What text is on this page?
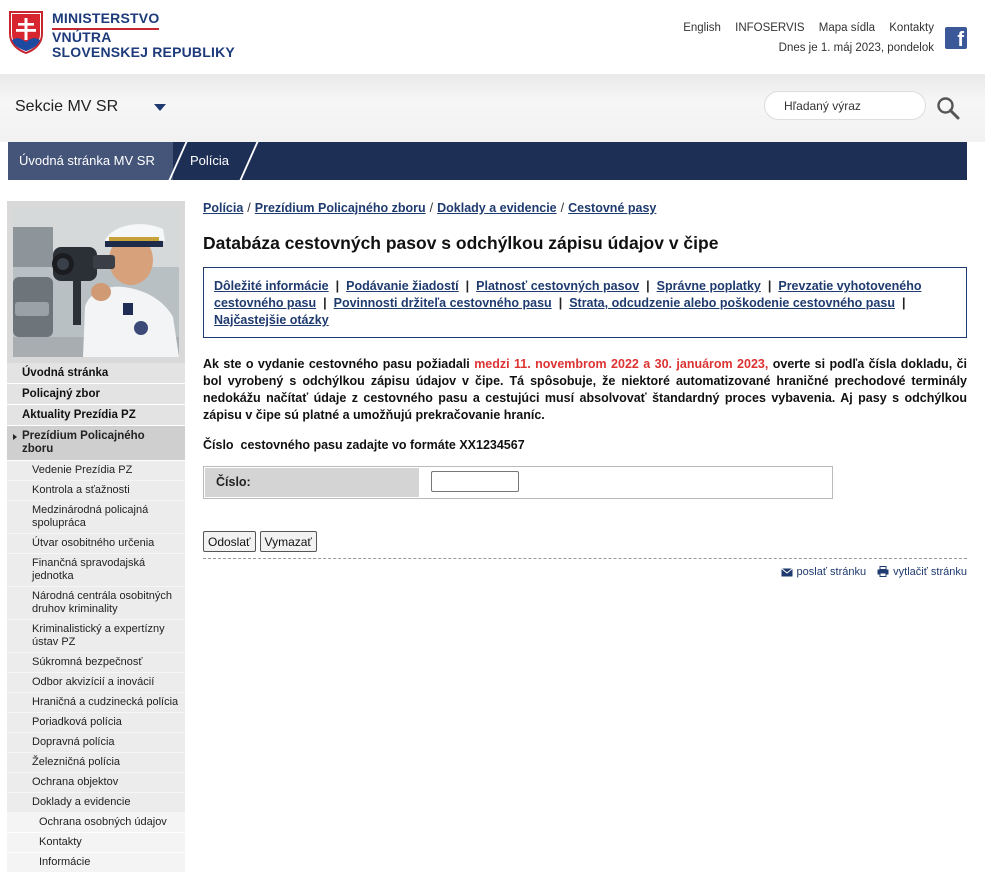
MINISTERSTVO
VNÚTRA
SLOVENSKEJ REPUBLIKY
English INFOSERVIS Mapa sídla Kontakty
Dnes je 1. máj 2023, pondelok	f
Sekcie MV SR
Hľadaný výraz
Úvodná stránka MV SR	Polícia
Úvodná stránka
Policajný zbor
Aktuality Prezídia PZ
Prezídium Policajného zboru
Vedenie Prezídia PZ
Kontrola a sťažnosti
Medzinárodná policajná spolupráca
Útvar osobitného určenia
Finančná spravodajská jednotka
Národná centrála osobitných druhov kriminality
Kriminalistický a expertízny ústav PZ
Súkromná bezpečnosť
Odbor akvizícií a inovácií
Hraničná a cudzinecká polícia
Poriadková polícia
Dopravná polícia
Železničná polícia
Ochrana objektov
Doklady a evidencie
Ochrana osobných údajov
Kontakty
Informácie
Polícia / Prezídium Policajného zboru / Doklady a evidencie / Cestovné pasy
Databáza cestovných pasov s odchýlkou zápisu údajov v čipe
Dôležité informácie | Podávanie žiadostí | Platnosť cestovných pasov | Správne poplatky | Prevzatie vyhotoveného cestovného pasu | Povinnosti držiteľa cestovného pasu | Strata, odcudzenie alebo poškodenie cestovného pasu |
Najčastejšie otázky

Ak ste o vydanie cestovného pasu požiadali medzi 11. novembrom 2022 a 30. januárom 2023, overte si podľa čísla dokladu, či bol vyrobený s odchýlkou zápisu údajov v čipe. Tá spôsobuje, že niektoré automatizované hraničné prechodové terminály nedokážu načítať údaje z cestovného pasu a cestujúci musí absolvovať štandardný proces vybavenia. Aj pasy s odchýlkou zápisu v čipe sú platné a umožňujú prekračovanie hraníc.

Číslo  cestovného pasu zadajte vo formáte XX1234567

Číslo:
Odoslať	Vymazať
poslať stránku vytlačiť stránku
